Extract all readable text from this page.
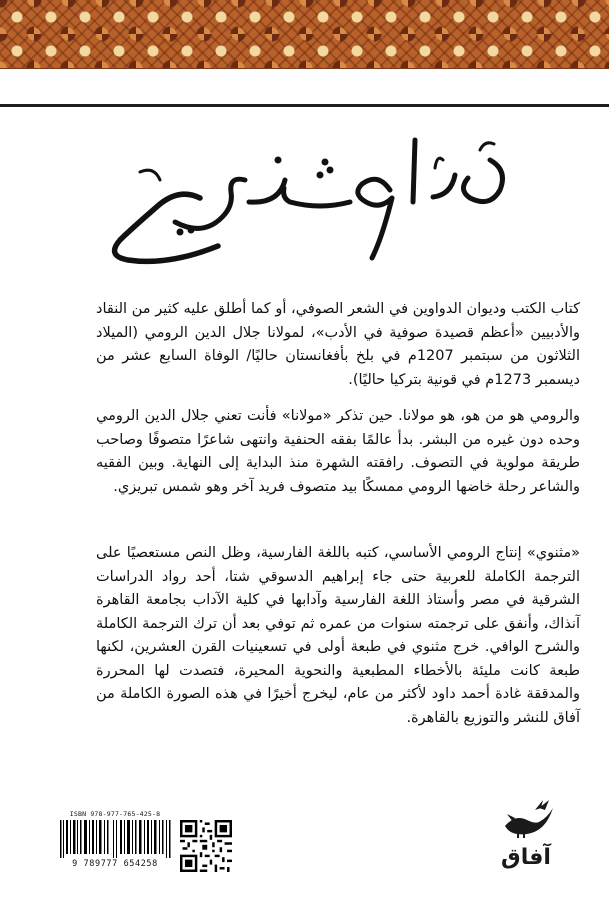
كتاب الكتب وديوان الدواوين في الشعر الصوفي، أو كما أطلق عليه كثير من النقاد والأدبيين «أعظم قصيدة صوفية في الأدب»، لمولانا جلال الدين الرومي (الميلاد الثلاثون من سبتمبر 1207م في بلخ بأفغانستان حاليًا/ الوفاة السابع عشر من ديسمبر 1273م في قونية بتركيا حاليًا).

والرومي هو من هو، هو مولانا. حين تذكر «مولانا» فأنت تعني جلال الدين الرومي وحده دون غيره من البشر. بدأ عالمًا بفقه الحنفية وانتهى شاعرًا متصوفًا وصاحب طريقة مولوية في التصوف. رافقته الشهرة منذ البداية إلى النهاية. وبين الفقيه والشاعر رحلة خاضها الرومي ممسكًا بيد متصوف فريد آخر وهو شمس تبريزي.

«مثنوي» إنتاج الرومي الأساسي، كتبه باللغة الفارسية، وظل النص مستعصيًا على الترجمة الكاملة للعربية حتى جاء إبراهيم الدسوقي شتا، أحد رواد الدراسات الشرقية في مصر وأستاذ اللغة الفارسية وآدابها في كلية الآداب بجامعة القاهرة آنذاك، وأنفق على ترجمته سنوات من عمره ثم توفي بعد أن ترك الترجمة الكاملة والشرح الوافي. خرج مثنوي في طبعة أولى في تسعينيات القرن العشرين، لكنها طبعة كانت مليئة بالأخطاء المطبعية والنحوية المحيرة، فتصدت لها المحررة والمدققة غادة أحمد داود لأكثر من عام، ليخرج أخيرًا في هذه الصورة الكاملة من آفاق للنشر والتوزيع بالقاهرة.

ISBN 978-977-765-425-8
9 789777 654258	آفاق
